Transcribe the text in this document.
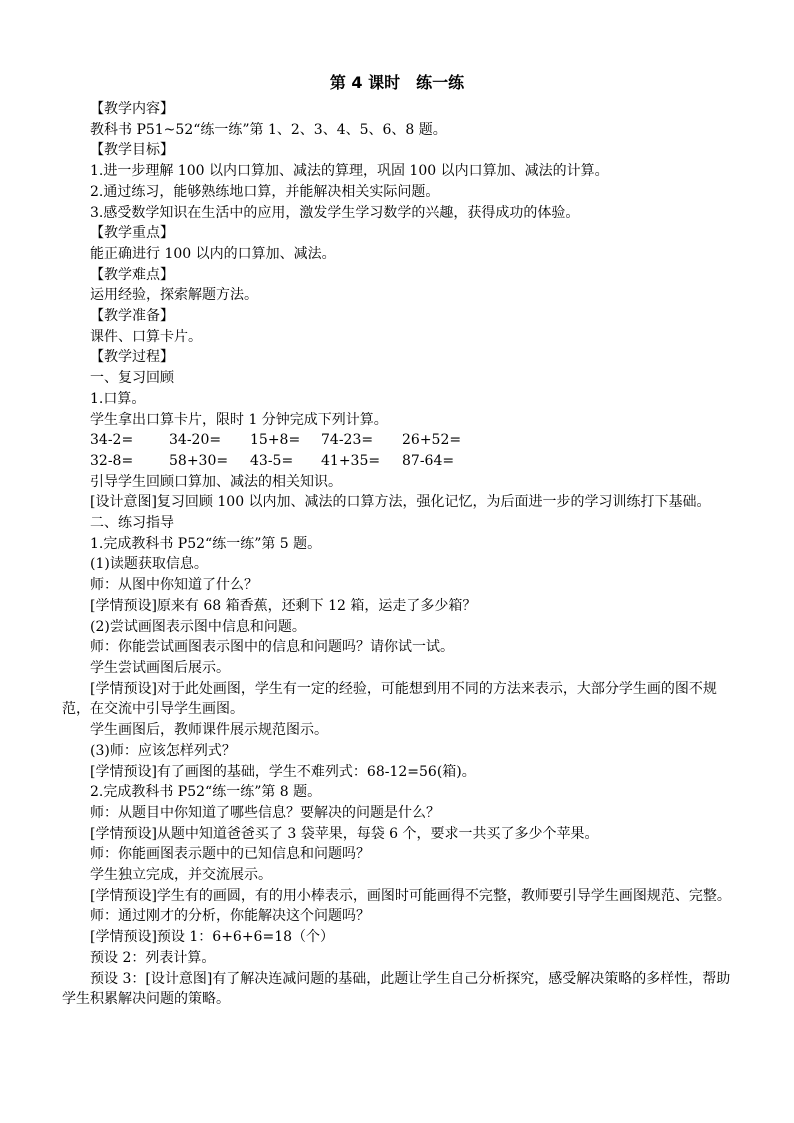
第 4 课时　练一练
【教学内容】
教科书 P51~52“练一练”第 1、2、3、4、5、6、8 题。
【教学目标】
1.进一步理解 100 以内口算加、减法的算理，巩固 100 以内口算加、减法的计算。
2.通过练习，能够熟练地口算，并能解决相关实际问题。
3.感受数学知识在生活中的应用，激发学生学习数学的兴趣，获得成功的体验。
【教学重点】
能正确进行 100 以内的口算加、减法。
【教学难点】
运用经验，探索解题方法。
【教学准备】
课件、口算卡片。
【教学过程】
一、复习回顾
1.口算。
学生拿出口算卡片，限时 1 分钟完成下列计算。
34-2=	34-20=	15+8=	74-23=	26+52=
32-8=	58+30=	43-5=	41+35=	87-64=
引导学生回顾口算加、减法的相关知识。
[设计意图]复习回顾 100 以内加、减法的口算方法，强化记忆，为后面进一步的学习训练打下基础。
二、练习指导
1.完成教科书 P52“练一练”第 5 题。
(1)读题获取信息。
师：从图中你知道了什么？
[学情预设]原来有 68 箱香蕉，还剩下 12 箱，运走了多少箱？
(2)尝试画图表示图中信息和问题。
师：你能尝试画图表示图中的信息和问题吗？请你试一试。
学生尝试画图后展示。
[学情预设]对于此处画图，学生有一定的经验，可能想到用不同的方法来表示，大部分学生画的图不规范，在交流中引导学生画图。
学生画图后，教师课件展示规范图示。
(3)师：应该怎样列式？
[学情预设]有了画图的基础，学生不难列式：68-12=56(箱)。
2.完成教科书 P52“练一练”第 8 题。
师：从题目中你知道了哪些信息？要解决的问题是什么？
[学情预设]从题中知道爸爸买了 3 袋苹果，每袋 6 个，要求一共买了多少个苹果。
师：你能画图表示题中的已知信息和问题吗？
学生独立完成，并交流展示。
[学情预设]学生有的画圆，有的用小棒表示，画图时可能画得不完整，教师要引导学生画图规范、完整。
师：通过刚才的分析，你能解决这个问题吗？
[学情预设]预设 1：6+6+6=18（个）
预设 2：列表计算。
预设 3：[设计意图]有了解决连减问题的基础，此题让学生自己分析探究，感受解决策略的多样性，帮助学生积累解决问题的策略。
